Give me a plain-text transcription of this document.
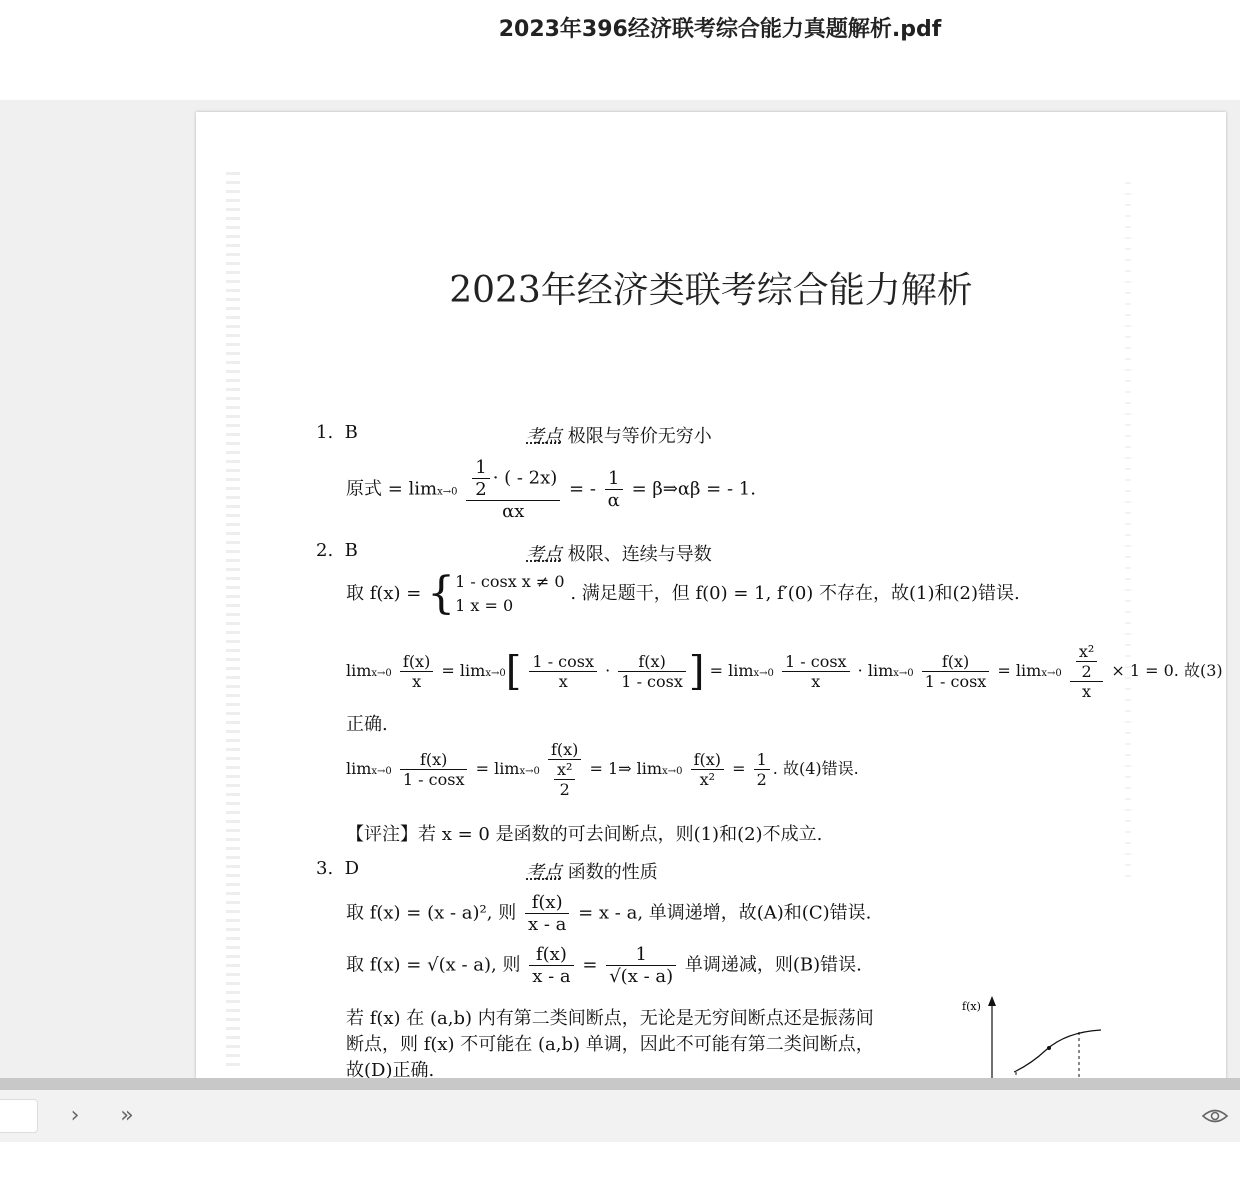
2023年396经济联考综合能力真题解析.pdf
2023年经济类联考综合能力解析
1. B	考点 极限与等价无穷小
原式 = $\lim x\to 0 \frac{\frac{1}{2} \cdot ( - 2x)}{\alpha x}$ = - $\frac{1}{\alpha}$ = β⇒αβ = - 1.
2. B	考点 极限、连续与导数
取 f(x) = {1 - cosx x ≠ 0
1 x = 0 . 满足题干，但 f(0) = 1, f′(0) 不存在，故(1)和(2)错误.
$\lim x\to 0 \frac{f(x)}{x} = \lim x\to 0[ \frac{1 - \cos x}{x} \cdot \frac{f(x)}{1 - \cos x}$ ] = $\lim x\to 0 \frac{1 - \cos x}{x} \cdot \lim x\to 0 \frac{f(x)}{1 - \cos x} = \lim x\to 0 \frac{\frac{\text{x²}}{2}}{x} \times 1 = 0$. 故(3)
正确.
$\lim x\to 0 \frac{f(x)}{1 - \cos x} = \lim x\to 0 \frac{f(x)}{\frac{\text{x²}}{2}}$ = 1⇒ $\lim x\to 0 \frac{f(x)}{\text{x²}} = \frac{1}{2}$ . 故(4)错误.
【评注】若 x = 0 是函数的可去间断点，则(1)和(2)不成立.
3. D	考点 函数的性质
取 f(x) = (x - a)², 则 $\frac{f(x)}{x - a} = x - a$, 单调递增，故(A)和(C)错误.
取 f(x) = √(x - a), 则 $\frac{f(x)}{x - a} = \frac{1}{√(x - a)}$ 单调递减，则(B)错误.
若 f(x) 在 (a,b) 内有第二类间断点，无论是无穷间断点还是振荡间
断点，则 f(x) 不可能在 (a,b) 单调，因此不可能有第二类间断点，
故(D)正确.
f(x)
›	»
